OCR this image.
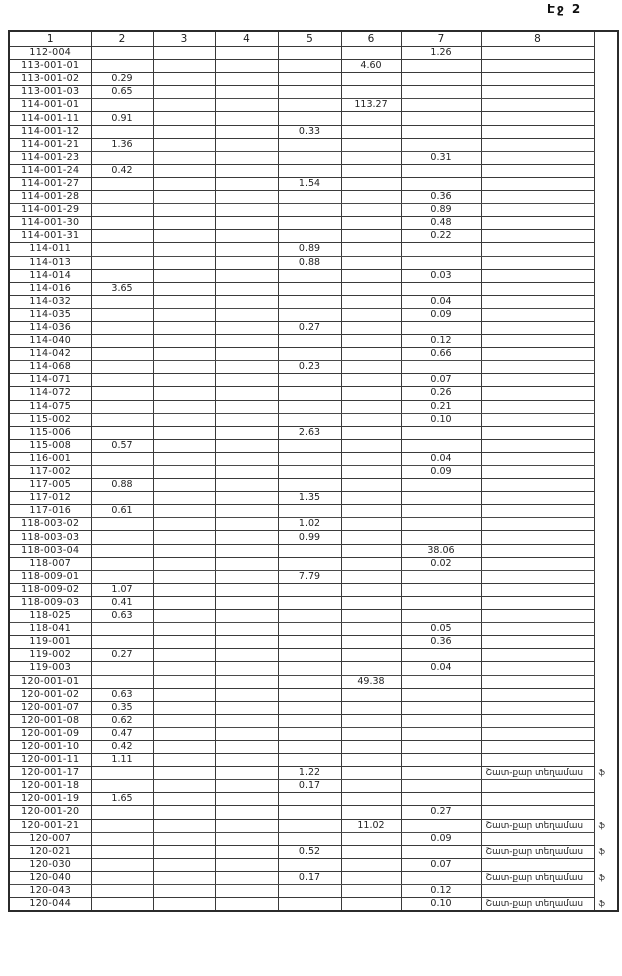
Էջ 2
1	2	3	4	5	6	7	8	
112-004						1.26		
113-001-01					4.60			
113-001-02	0.29							
113-001-03	0.65							
114-001-01					113.27			
114-001-11	0.91							
114-001-12				0.33				
114-001-21	1.36							
114-001-23						0.31		
114-001-24	0.42							
114-001-27				1.54				
114-001-28						0.36		
114-001-29						0.89		
114-001-30						0.48		
114-001-31						0.22		
114-011				0.89				
114-013				0.88				
114-014						0.03		
114-016	3.65							
114-032						0.04		
114-035						0.09		
114-036				0.27				
114-040						0.12		
114-042						0.66		
114-068				0.23				
114-071						0.07		
114-072						0.26		
114-075						0.21		
115-002						0.10		
115-006				2.63				
115-008	0.57							
116-001						0.04		
117-002						0.09		
117-005	0.88							
117-012				1.35				
117-016	0.61							
118-003-02				1.02				
118-003-03				0.99				
118-003-04						38.06		
118-007						0.02		
118-009-01				7.79				
118-009-02	1.07							
118-009-03	0.41							
118-025	0.63							
118-041						0.05		
119-001						0.36		
119-002	0.27							
119-003						0.04		
120-001-01					49.38			
120-001-02	0.63							
120-001-07	0.35							
120-001-08	0.62							
120-001-09	0.47							
120-001-10	0.42							
120-001-11	1.11							
120-001-17				1.22			Շատ-քար տեղամաս	ֆ
120-001-18				0.17				
120-001-19	1.65							
120-001-20						0.27		
120-001-21					11.02		Շատ-քար տեղամաս	ֆ
120-007						0.09		
120-021				0.52			Շատ-քար տեղամաս	ֆ
120-030						0.07		
120-040				0.17			Շատ-քար տեղամաս	ֆ
120-043						0.12		
120-044						0.10	Շատ-քար տեղամաս	ֆ
